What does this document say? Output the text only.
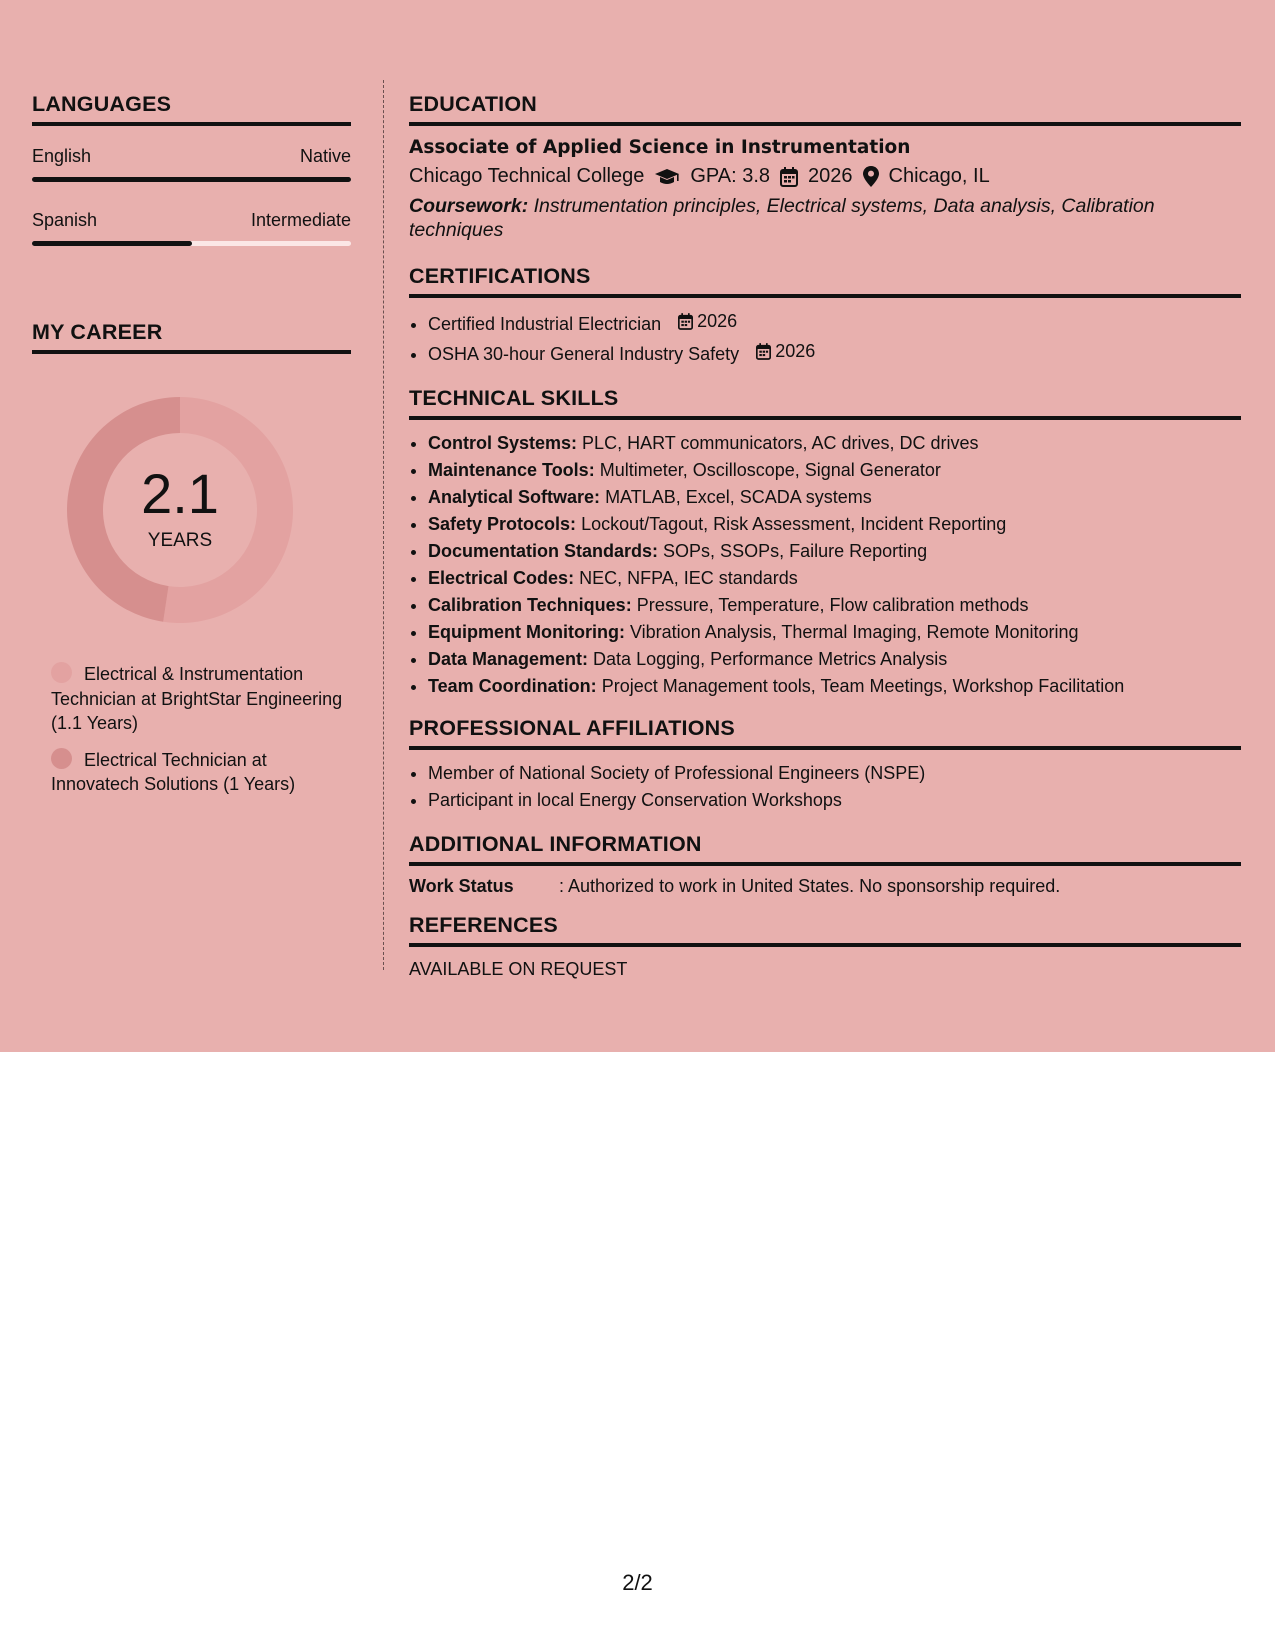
LANGUAGES
English	Native
Spanish	Intermediate
MY CAREER
2.1
YEARS
Electrical & Instrumentation Technician at BrightStar Engineering (1.1 Years)
Electrical Technician at Innovatech Solutions (1 Years)
EDUCATION
Associate of Applied Science in Instrumentation
Chicago Technical College GPA: 3.8 2026 Chicago, IL
Coursework: Instrumentation principles, Electrical systems, Data analysis, Calibration techniques
CERTIFICATIONS
• Certified Industrial Electrician 2026
• OSHA 30-hour General Industry Safety 2026
TECHNICAL SKILLS
• Control Systems: PLC, HART communicators, AC drives, DC drives
• Maintenance Tools: Multimeter, Oscilloscope, Signal Generator
• Analytical Software: MATLAB, Excel, SCADA systems
• Safety Protocols: Lockout/Tagout, Risk Assessment, Incident Reporting
• Documentation Standards: SOPs, SSOPs, Failure Reporting
• Electrical Codes: NEC, NFPA, IEC standards
• Calibration Techniques: Pressure, Temperature, Flow calibration methods
• Equipment Monitoring: Vibration Analysis, Thermal Imaging, Remote Monitoring
• Data Management: Data Logging, Performance Metrics Analysis
• Team Coordination: Project Management tools, Team Meetings, Workshop Facilitation
PROFESSIONAL AFFILIATIONS
• Member of National Society of Professional Engineers (NSPE)
• Participant in local Energy Conservation Workshops
ADDITIONAL INFORMATION
Work Status	: Authorized to work in United States. No sponsorship required.
REFERENCES
AVAILABLE ON REQUEST
2/2
